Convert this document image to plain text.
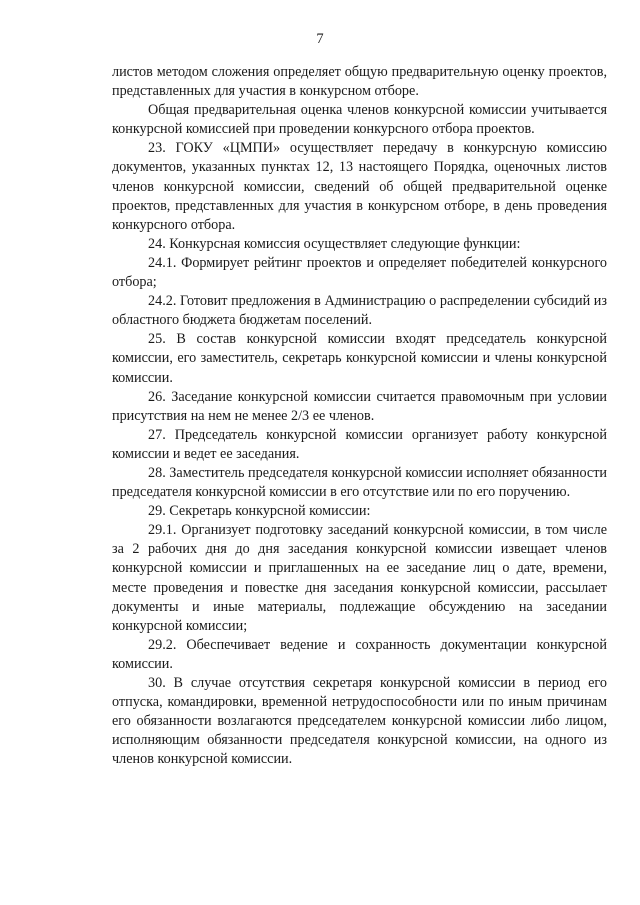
7

листов методом сложения определяет общую предварительную оценку проектов, представленных для участия в конкурсном отборе.

Общая предварительная оценка членов конкурсной комиссии учитывается конкурсной комиссией при проведении конкурсного отбора проектов.

23. ГОКУ «ЦМПИ» осуществляет передачу в конкурсную комиссию документов, указанных пунктах 12, 13 настоящего Порядка, оценочных листов членов конкурсной комиссии, сведений об общей предварительной оценке проектов, представленных для участия в конкурсном отборе, в день проведения конкурсного отбора.

24. Конкурсная комиссия осуществляет следующие функции:

24.1. Формирует рейтинг проектов и определяет победителей конкурсного отбора;

24.2. Готовит предложения в Администрацию о распределении субсидий из областного бюджета бюджетам поселений.

25. В состав конкурсной комиссии входят председатель конкурсной комиссии, его заместитель, секретарь конкурсной комиссии и члены конкурсной комиссии.

26. Заседание конкурсной комиссии считается правомочным при условии присутствия на нем не менее 2/3 ее членов.

27. Председатель конкурсной комиссии организует работу конкурсной комиссии и ведет ее заседания.

28. Заместитель председателя конкурсной комиссии исполняет обязанности председателя конкурсной комиссии в его отсутствие или по его поручению.

29. Секретарь конкурсной комиссии:

29.1. Организует подготовку заседаний конкурсной комиссии, в том числе за 2 рабочих дня до дня заседания конкурсной комиссии извещает членов конкурсной комиссии и приглашенных на ее заседание лиц о дате, времени, месте проведения и повестке дня заседания конкурсной комиссии, рассылает документы и иные материалы, подлежащие обсуждению на заседании конкурсной комиссии;

29.2. Обеспечивает ведение и сохранность документации конкурсной комиссии.

30. В случае отсутствия секретаря конкурсной комиссии в период его отпуска, командировки, временной нетрудоспособности или по иным причинам его обязанности возлагаются председателем конкурсной комиссии либо лицом, исполняющим обязанности председателя конкурсной комиссии, на одного из членов конкурсной комиссии.
